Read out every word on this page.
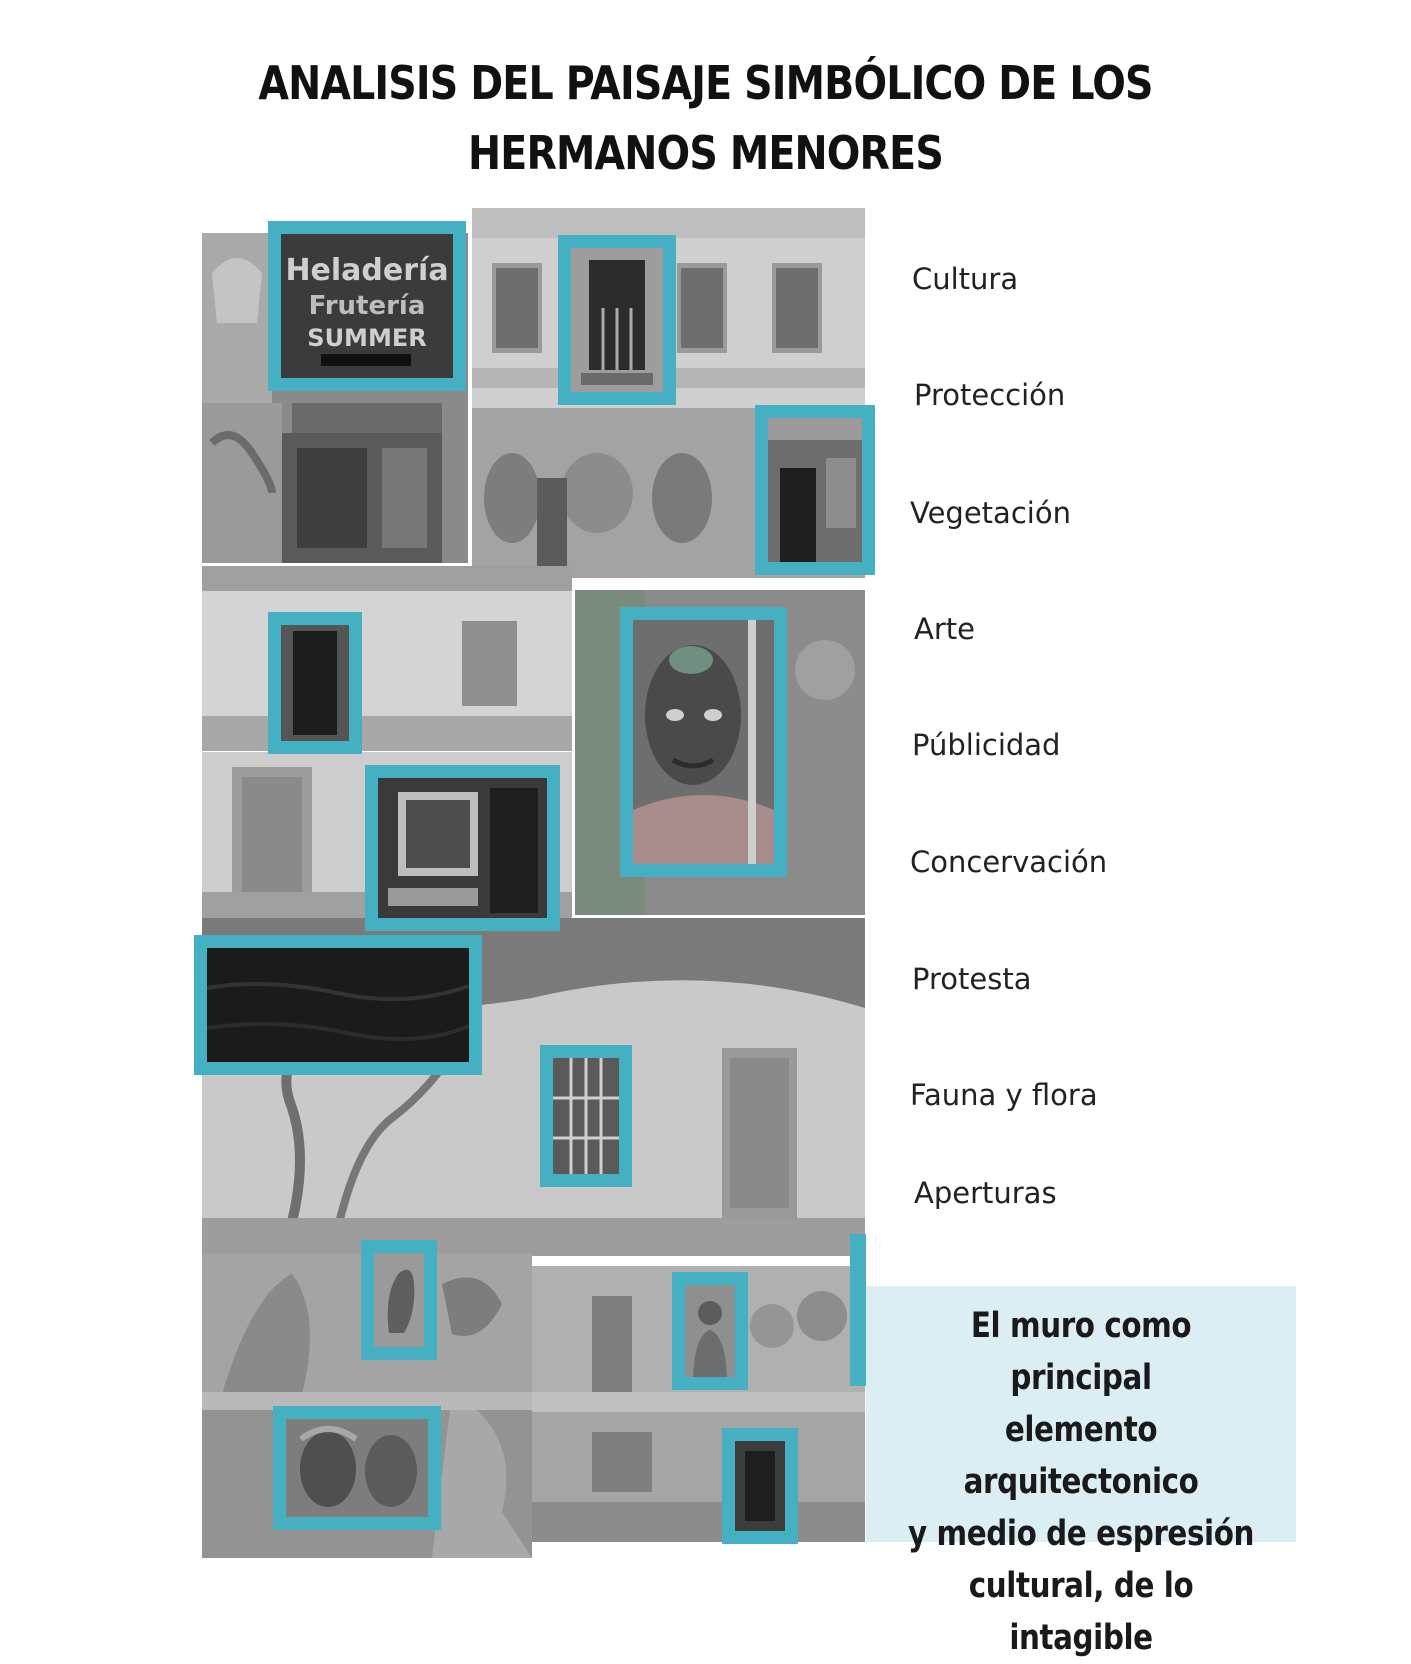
ANALISIS DEL PAISAJE SIMBÓLICO DE LOS
HERMANOS MENORES
Heladería
Frutería
SUMMER
Cultura
Protección
Vegetación
Arte
Públicidad
Concervación
Protesta
Fauna y flora
Aperturas
El muro como principal
elemento arquitectonico
y medio de espresión
cultural, de lo intagible
